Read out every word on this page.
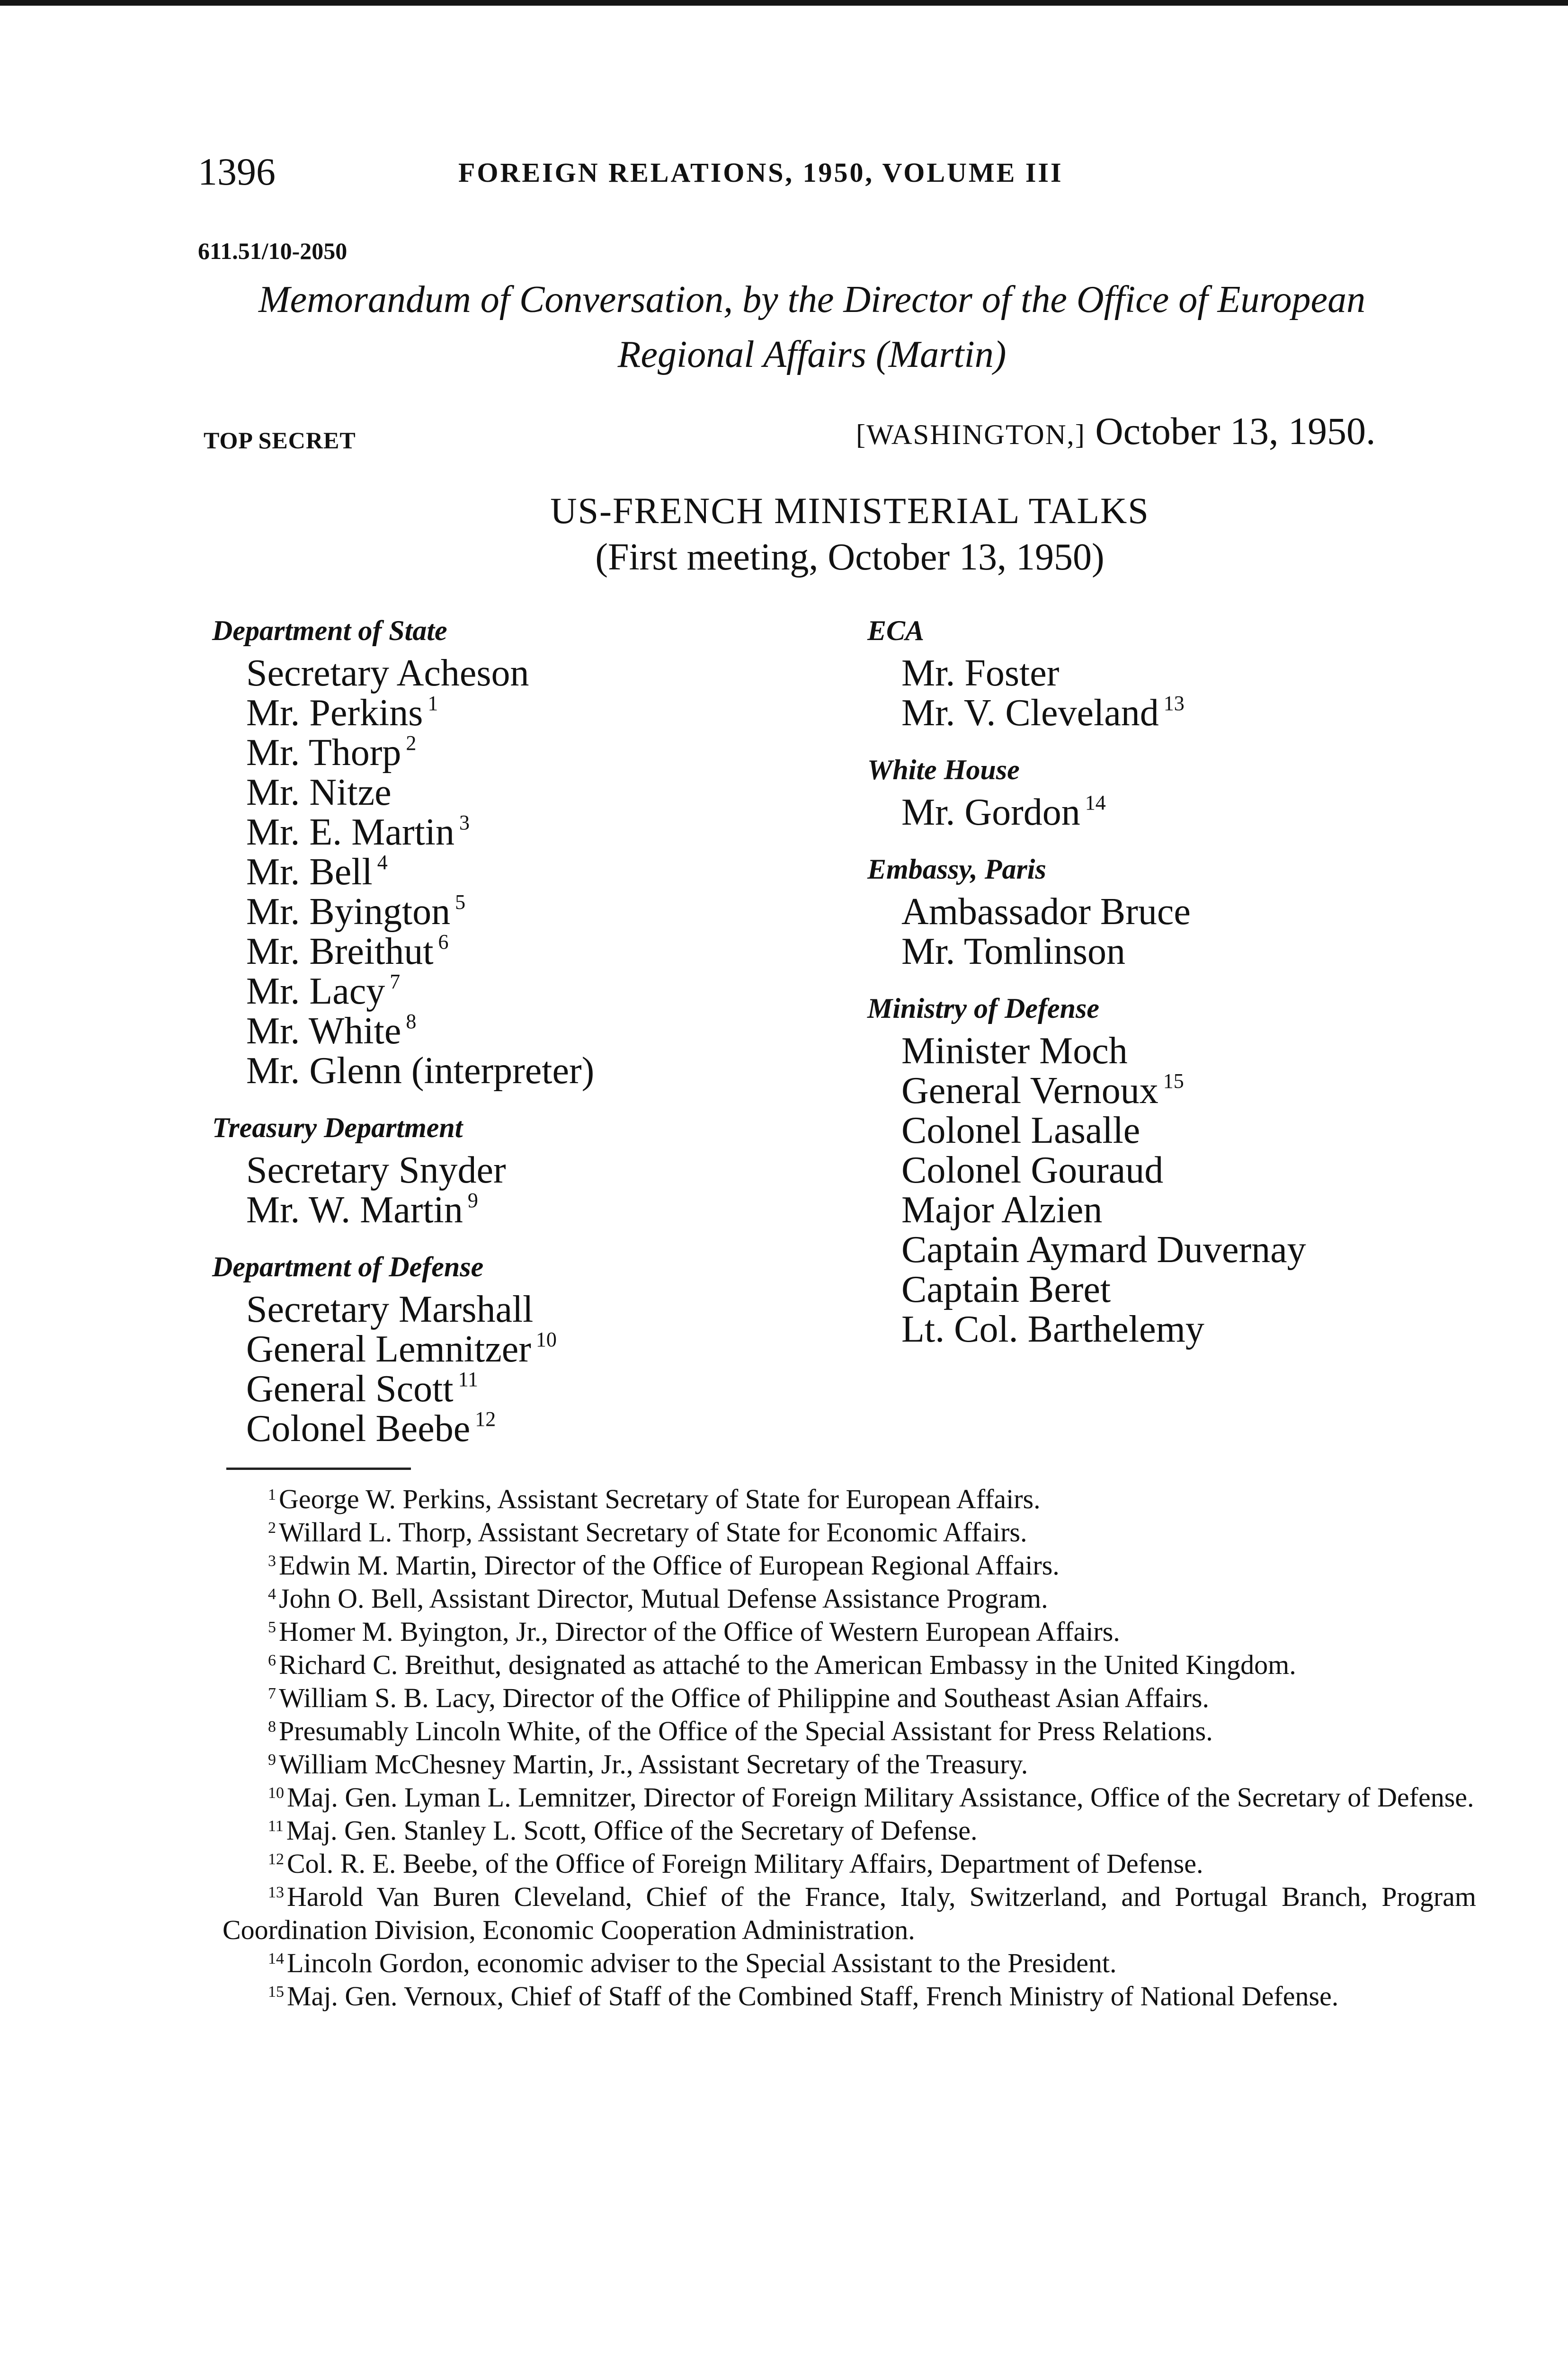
1396	FOREIGN RELATIONS, 1950, VOLUME III
611.51/10-2050
Memorandum of Conversation, by the Director of the Office of European Regional Affairs (Martin)
TOP SECRET	[WASHINGTON,] October 13, 1950.
US-FRENCH MINISTERIAL TALKS
(First meeting, October 13, 1950)
Department of State
Secretary Acheson
Mr. Perkins $^1$
Mr. Thorp $^2$
Mr. Nitze
Mr. E. Martin $^3$
Mr. Bell $^4$
Mr. Byington $^5$
Mr. Breithut $^6$
Mr. Lacy $^7$
Mr. White $^8$
Mr. Glenn (interpreter)
Treasury Department
Secretary Snyder
Mr. W. Martin $^9$
Department of Defense
Secretary Marshall
General Lemnitzer $^{10}$
General Scott $^{11}$
Colonel Beebe $^{12}$
ECA
Mr. Foster
Mr. V. Cleveland $^{13}$
White House
Mr. Gordon $^{14}$
Embassy, Paris
Ambassador Bruce
Mr. Tomlinson
Ministry of Defense
Minister Moch
General Vernoux $^{15}$
Colonel Lasalle
Colonel Gouraud
Major Alzien
Captain Aymard Duvernay
Captain Beret
Lt. Col. Barthelemy

$^1$ George W. Perkins, Assistant Secretary of State for European Affairs.

$^2$ Willard L. Thorp, Assistant Secretary of State for Economic Affairs.

$^3$ Edwin M. Martin, Director of the Office of European Regional Affairs.

$^4$ John O. Bell, Assistant Director, Mutual Defense Assistance Program.

$^5$ Homer M. Byington, Jr., Director of the Office of Western European Affairs.

$^6$ Richard C. Breithut, designated as attaché to the American Embassy in the United Kingdom.

$^7$ William S. B. Lacy, Director of the Office of Philippine and Southeast Asian Affairs.

$^8$ Presumably Lincoln White, of the Office of the Special Assistant for Press Relations.

$^9$ William McChesney Martin, Jr., Assistant Secretary of the Treasury.

$^{10}$ Maj. Gen. Lyman L. Lemnitzer, Director of Foreign Military Assistance, Office of the Secretary of Defense.

$^{11}$ Maj. Gen. Stanley L. Scott, Office of the Secretary of Defense.

$^{12}$ Col. R. E. Beebe, of the Office of Foreign Military Affairs, Department of Defense.

$^{13}$ Harold Van Buren Cleveland, Chief of the France, Italy, Switzerland, and Portugal Branch, Program Coordination Division, Economic Cooperation Administration.

$^{14}$ Lincoln Gordon, economic adviser to the Special Assistant to the President.

$^{15}$ Maj. Gen. Vernoux, Chief of Staff of the Combined Staff, French Ministry of National Defense.
